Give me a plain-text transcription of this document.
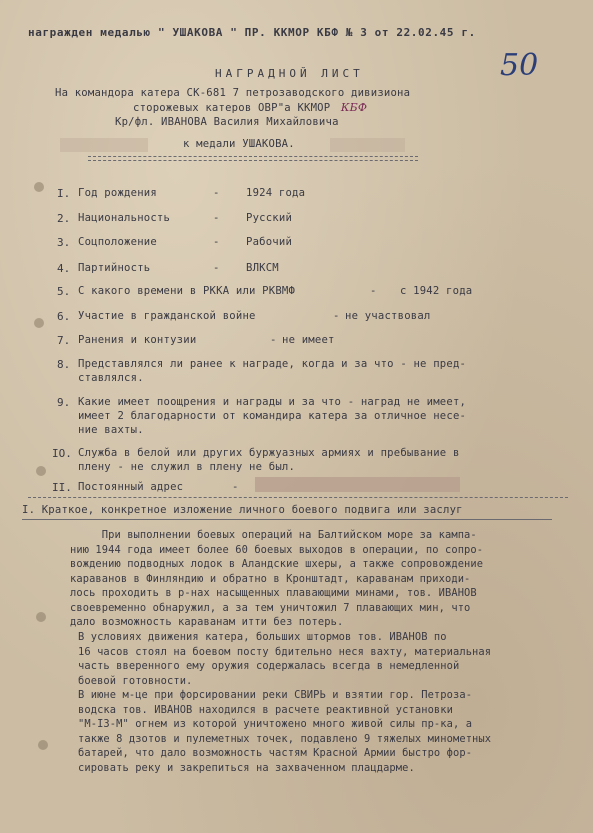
награжден медалью " УШАКОВА " ПР. ККМОР КБФ № 3 от 22.02.45 г.
50
НАГРАДНОЙ ЛИСТ
На командора катера СК-681 7 петрозаводского дивизиона
сторожевых катеров ОВР"а ККМОР КБФ
Кр/фл. ИВАНОВА Василия Михайловича
к медали УШАКОВА.
I. Год рождения	- 1924 года
2. Национальность	- Русский
3. Соцположение	- Рабочий
4. Партийность	- ВЛКСМ
5. С какого времени в РККА или РКВМФ	- с 1942 года
6. Участие в гражданской войне	- не участвовал
7. Ранения и контузии	- не имеет
8. Представлялся ли ранее к награде, когда и за что - не пред-
ставлялся.
9. Какие имеет поощрения и награды и за что - наград не имеет,
имеет 2 благодарности от командира катера за отличное несе-
ние вахты.
IO. Служба в белой или других буржуазных армиях и пребывание в
плену - не служил в плену не был.
II. Постоянный адрес	-
I. Краткое, конкретное изложение личного боевого подвига или заслуг
При выполнении боевых операций на Балтийском море за кампа-
нию 1944 года имеет более 60 боевых выходов в операции, по сопро-
вождению подводных лодок в Аландские шхеры, а также сопровождение
караванов в Финляндию и обратно в Кронштадт, караванам приходи-
лось проходить в р-нах насыщенных плавающими минами, тов. ИВАНОВ
своевременно обнаружил, а за тем уничтожил 7 плавающих мин, что
дало возможность караванам итти без потерь.
В условиях движения катера, больших штормов тов. ИВАНОВ по
16 часов стоял на боевом посту бдительно неся вахту, материальная
часть вверенного ему оружия содержалась всегда в немедленной
боевой готовности.
В июне м-це при форсировании реки СВИРЬ и взятии гор. Петроза-
водска тов. ИВАНОВ находился в расчете реактивной установки
"М-I3-М" огнем из которой уничтожено много живой силы пр-ка, а
также 8 дзотов и пулеметных точек, подавлено 9 тяжелых минометных
батарей, что дало возможность частям Красной Армии быстро фор-
сировать реку и закрепиться на захваченном плацдарме.
